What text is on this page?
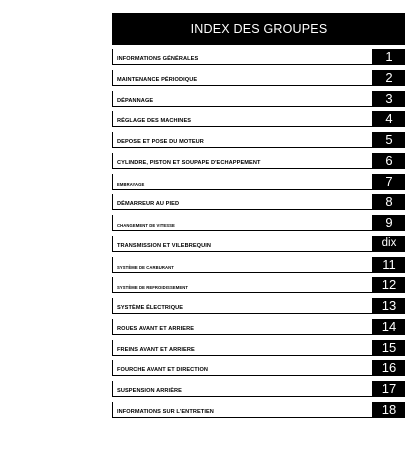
INDEX DES GROUPES
INFORMATIONS GÉNÉRALES	1
MAINTENANCE PÉRIODIQUE	2
DÉPANNAGE	3
RÉGLAGE DES MACHINES	4
DEPOSE ET POSE DU MOTEUR	5
CYLINDRE, PISTON ET SOUPAPE D'ECHAPPEMENT	6
EMBRAYAGE	7
DÉMARREUR AU PIED	8
CHANGEMENT DE VITESSE	9
TRANSMISSION ET VILEBREQUIN	dix
SYSTÈME DE CARBURANT	11
SYSTÈME DE REFROIDISSEMENT	12
SYSTÈME ÉLECTRIQUE	13
ROUES AVANT ET ARRIERE	14
FREINS AVANT ET ARRIERE	15
FOURCHE AVANT ET DIRECTION	16
SUSPENSION ARRIÈRE	17
INFORMATIONS SUR L'ENTRETIEN	18
